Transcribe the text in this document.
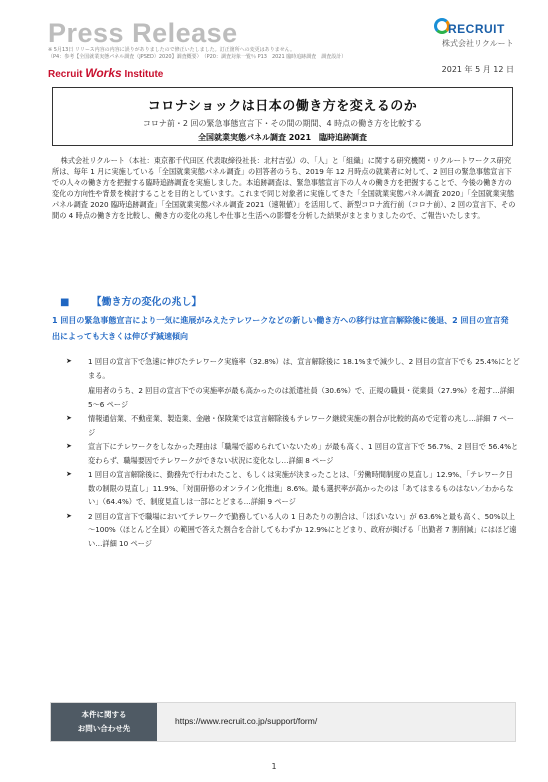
Press Release
※ 5月13日 リリース内容の内容に誤りがありましたので修正いたしました。訂正箇所への変更はありません。
（P4：参考【全国就業実態パネル調査（JPSED）2020】調査概要）　（P20：調査対象一覧％ P13　2021 臨時追跡調査　調査設計）
Recruit Works Institute
RECRUIT
株式会社リクルート
2021 年 5 月 12 日
コロナショックは日本の働き方を変えるのか
コロナ前・2 回の緊急事態宣言下・その間の期間、4 時点の働き方を比較する
全国就業実態パネル調査 2021　臨時追跡調査
株式会社リクルート（本社：東京都千代田区 代表取締役社長：北村吉弘）の、「人」と「組織」に関する研究機関・リクルートワークス研究所は、毎年 1 月に実施している「全国就業実態パネル調査」の回答者のうち、2019 年 12 月時点の就業者に対して、2 回目の緊急事態宣言下での人々の働き方を把握する臨時追跡調査を実施しました。本追跡調査は、緊急事態宣言下の人々の働き方を把握することで、今後の働き方の変化の方向性や背景を検討することを目的としています。これまで同じ対象者に実施してきた「全国就業実態パネル調査 2020」「全国就業実態パネル調査 2020 臨時追跡調査」「全国就業実態パネル調査 2021（速報値）」を活用して、新型コロナ流行前（コロナ前）、2 回の宣言下、その間の 4 時点の働き方を比較し、働き方の変化の兆しや仕事と生活への影響を分析した結果がまとまりましたので、ご報告いたします。
■ 【働き方の変化の兆し】
1 回目の緊急事態宣言により一気に進展がみえたテレワークなどの新しい働き方への移行は宣言解除後に後退、2 回目の宣言発出によっても大きくは伸びず減速傾向
➤ 1 回目の宣言下で急速に伸びたテレワーク実施率（32.8%）は、宣言解除後に 18.1%まで減少し、2 回目の宣言下でも 25.4%にとどまる。

雇用者のうち、2 回目の宣言下での実施率が最も高かったのは派遣社員（30.6%）で、正規の職員・従業員（27.9%）を超す…詳細 5～6 ページ

➤ 情報通信業、不動産業、製造業、金融・保険業では宣言解除後もテレワーク継続実施の割合が比較的高めで定着の兆し…詳細 7 ページ

➤ 宣言下にテレワークをしなかった理由は「職場で認められていないため」が最も高く、1 回目の宣言下で 56.7%、2 回目で 56.4%と変わらず、職場要因でテレワークができない状況に変化なし…詳細 8 ページ

➤ 1 回目の宣言解除後に、勤務先で行われたこと、もしくは実施が決まったことは、「労働時間制度の見直し」12.9%、「テレワーク日数の制限の見直し」11.9%、「対面研修のオンライン化推進」8.6%。最も選択率が高かったのは「あてはまるものはない／わからない」（64.4%）で、制度見直しは一部にとどまる…詳細 9 ページ

➤ 2 回目の宣言下で職場においてテレワークで勤務している人の 1 日あたりの割合は、「ほぼいない」が 63.6%と最も高く、50%以上～100%（ほとんど全員）の範囲で答えた割合を合計してもわずか 12.9%にとどまり、政府が掲げる「出勤者 7 割削減」にはほど遠い…詳細 10 ページ

本件に関する
お問い合わせ先
https://www.recruit.co.jp/support/form/
1
